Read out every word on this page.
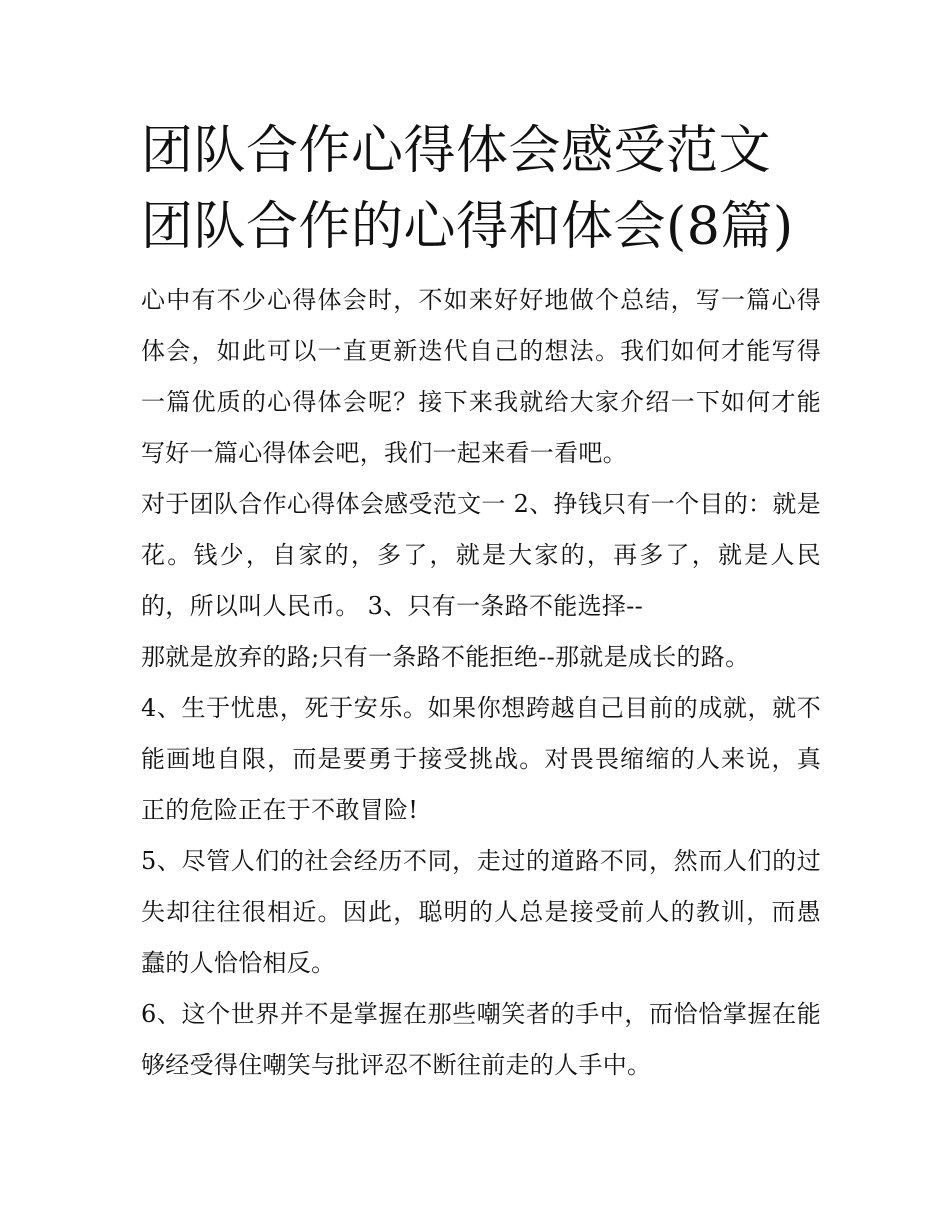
团队合作心得体会感受范文 团队合作的心得和体会(8篇)

心中有不少心得体会时，不如来好好地做个总结，写一篇心得体会，如此可以一直更新迭代自己的想法。我们如何才能写得一篇优质的心得体会呢？接下来我就给大家介绍一下如何才能写好一篇心得体会吧，我们一起来看一看吧。

对于团队合作心得体会感受范文一 2、挣钱只有一个目的：就是花。钱少，自家的，多了，就是大家的，再多了，就是人民的，所以叫人民币。 3、只有一条路不能选择--

那就是放弃的路;只有一条路不能拒绝--那就是成长的路。

4、生于忧患，死于安乐。如果你想跨越自己目前的成就，就不能画地自限，而是要勇于接受挑战。对畏畏缩缩的人来说，真正的危险正在于不敢冒险!

5、尽管人们的社会经历不同，走过的道路不同，然而人们的过失却往往很相近。因此，聪明的人总是接受前人的教训，而愚蠢的人恰恰相反。

6、这个世界并不是掌握在那些嘲笑者的手中，而恰恰掌握在能够经受得住嘲笑与批评忍不断往前走的人手中。
